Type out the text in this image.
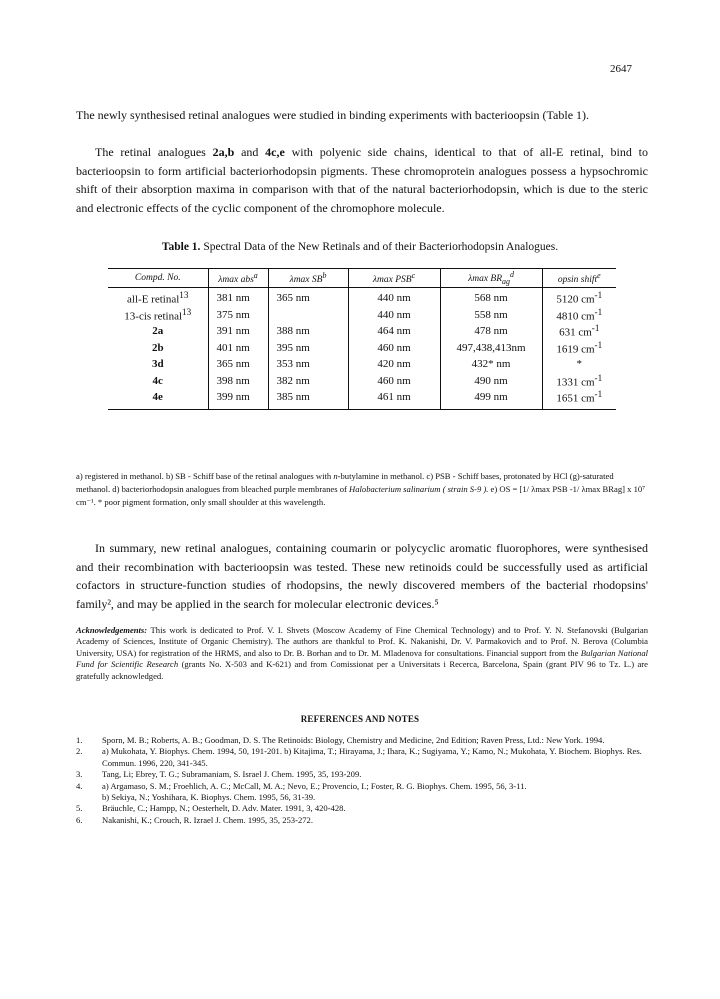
2647

The newly synthesised retinal analogues were studied in binding experiments with bacterioopsin (Table 1).

The retinal analogues 2a,b and 4c,e with polyenic side chains, identical to that of all-E retinal, bind to bacterioopsin to form artificial bacteriorhodopsin pigments. These chromoprotein analogues possess a hypsochromic shift of their absorption maxima in comparison with that of the natural bacteriorhodopsin, which is due to the steric and electronic effects of the cyclic component of the chromophore molecule.

Table 1. Spectral Data of the New Retinals and of their Bacteriorhodopsin Analogues.
Compd. No.	λmax abs$^a$	λmax $SB^b$	λmax PSB$^c$	λmax $BR_{ag}^d$	opsin shift$^e$
all-E retinal$^{13}$	381 nm	365 nm	440 nm	568 nm	5120 $cm^{-1}$
13-cis retinal$^{13}$	375 nm		440 nm	558 nm	4810 $cm^{-1}$
2a	391 nm	388 nm	464 nm	478 nm	631 $cm^{-1}$
2b	401 nm	395 nm	460 nm	497,438,413nm	1619 $cm^{-1}$
3d	365 nm	353 nm	420 nm	432* nm	*
4c	398 nm	382 nm	460 nm	490 nm	1331 $cm^{-1}$
4e	399 nm	385 nm	461 nm	499 nm	1651 $cm^{-1}$

a) registered in methanol. b) SB - Schiff base of the retinal analogues with n-butylamine in methanol. c) PSB - Schiff bases, protonated by HCl (g)-saturated methanol. d) bacteriorhodopsin analogues from bleached purple membranes of Halobacterium salinarium ( strain S-9 ). e) OS = [1/ λmax PSB -1/ λmax BRag] x 10⁷ cm⁻¹. * poor pigment formation, only small shoulder at this wavelength.

In summary, new retinal analogues, containing coumarin or polycyclic aromatic fluorophores, were synthesised and their recombination with bacterioopsin was tested. These new retinoids could be successfully used as artificial cofactors in structure-function studies of rhodopsins, the newly discovered members of the bacterial rhodopsins' family², and may be applied in the search for molecular electronic devices.⁵

Acknowledgements: This work is dedicated to Prof. V. I. Shvets (Moscow Academy of Fine Chemical Technology) and to Prof. Y. N. Stefanovski (Bulgarian Academy of Sciences, Institute of Organic Chemistry). The authors are thankful to Prof. K. Nakanishi, Dr. V. Parmakovich and to Prof. N. Berova (Columbia University, USA) for registration of the HRMS, and also to Dr. B. Borhan and to Dr. M. Mladenova for consultations. Financial support from the Bulgarian National Fund for Scientific Research (grants No. X-503 and K-621) and from Comissionat per a Universitats i Recerca, Barcelona, Spain (grant PIV 96 to Tz. L.) are gratefully acknowledged.

REFERENCES AND NOTES
1.	Sporn, M. B.; Roberts, A. B.; Goodman, D. S. The Retinoids: Biology, Chemistry and Medicine, 2nd Edition; Raven Press, Ltd.: New York. 1994.

2.	a) Mukohata, Y. Biophys. Chem. 1994, 50, 191-201. b) Kitajima, T.; Hirayama, J.; Ihara, K.; Sugiyama, Y.; Kamo, N.; Mukohata, Y. Biochem. Biophys. Res. Commun. 1996, 220, 341-345.

3.	Tang, Li; Ebrey, T. G.; Subramaniam, S. Israel J. Chem. 1995, 35, 193-209.

4.	a) Argamaso, S. M.; Froehlich, A. C.; McCall, M. A.; Nevo, E.; Provencio, I.; Foster, R. G. Biophys. Chem. 1995, 56, 3-11.

b) Sekiya, N.; Yoshihara, K. Biophys. Chem. 1995, 56, 31-39.

5.	Bräuchle, C.; Hampp, N.; Oesterhelt, D. Adv. Mater. 1991, 3, 420-428.

6.	Nakanishi, K.; Crouch, R. Izrael J. Chem. 1995, 35, 253-272.
